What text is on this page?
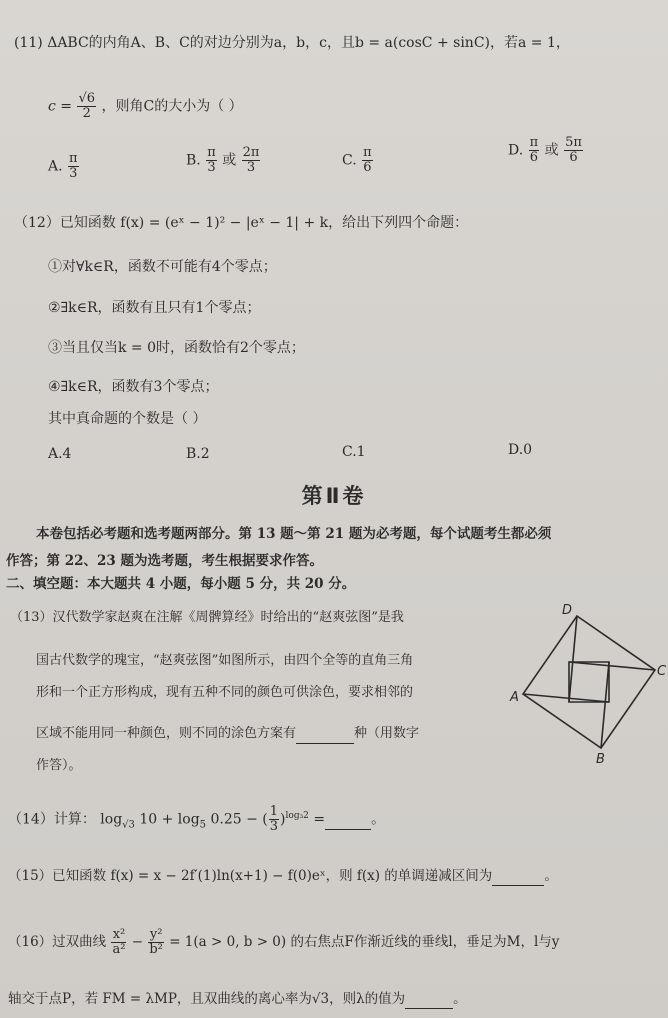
(11) ΔABC的内角A、B、C的对边分别为a，b，c，且b = a(cosC + sinC)，若a = 1，
$c = \frac{√6}{2}$ ，则角C的大小为（ ）
A. $\frac{\pi}{3}$	B. $\frac{\pi}{3}$ 或 $\frac{2\pi}{3}$	C. $\frac{\pi}{6}$	D. $\frac{\pi}{6}$ 或 $\frac{5\pi}{6}$
（12）已知函数 f(x) = (eˣ − 1)² − |eˣ − 1| + k，给出下列四个命题：
①对∀k∈R，函数不可能有4个零点；
②∃k∈R，函数有且只有1个零点；
③当且仅当k = 0时，函数恰有2个零点；
④∃k∈R，函数有3个零点；
其中真命题的个数是（ ）
A.4	B.2	C.1	D.0
第Ⅱ卷
本卷包括必考题和选考题两部分。第 13 题～第 21 题为必考题，每个试题考生都必须
作答；第 22、23 题为选考题，考生根据要求作答。
二、填空题：本大题共 4 小题，每小题 5 分，共 20 分。
（13）汉代数学家赵爽在注解《周髀算经》时给出的“赵爽弦图”是我
国古代数学的瑰宝，“赵爽弦图”如图所示，由四个全等的直角三角
形和一个正方形构成，现有五种不同的颜色可供涂色，要求相邻的
区域不能用同一种颜色，则不同的涂色方案有	种（用数字
作答）。
D
C
B
A
（14）计算： $\log_{√3} 10 + \log_5 0.25$ − ( $\frac{1}{3} )^{log_32}$ =	。
（15）已知函数 f(x) = x − 2f′(1)ln(x+1) − f(0)eˣ，则 f(x) 的单调递减区间为	。
（16）过双曲线 $\frac{\text{x²}}{\text{a²}} - \frac{\text{y²}}{\text{b²}} = 1(a > 0$, b > 0) 的右焦点F作渐近线的垂线l，垂足为M，l与y
轴交于点P，若 FM = λMP，且双曲线的离心率为√3，则λ的值为	。
